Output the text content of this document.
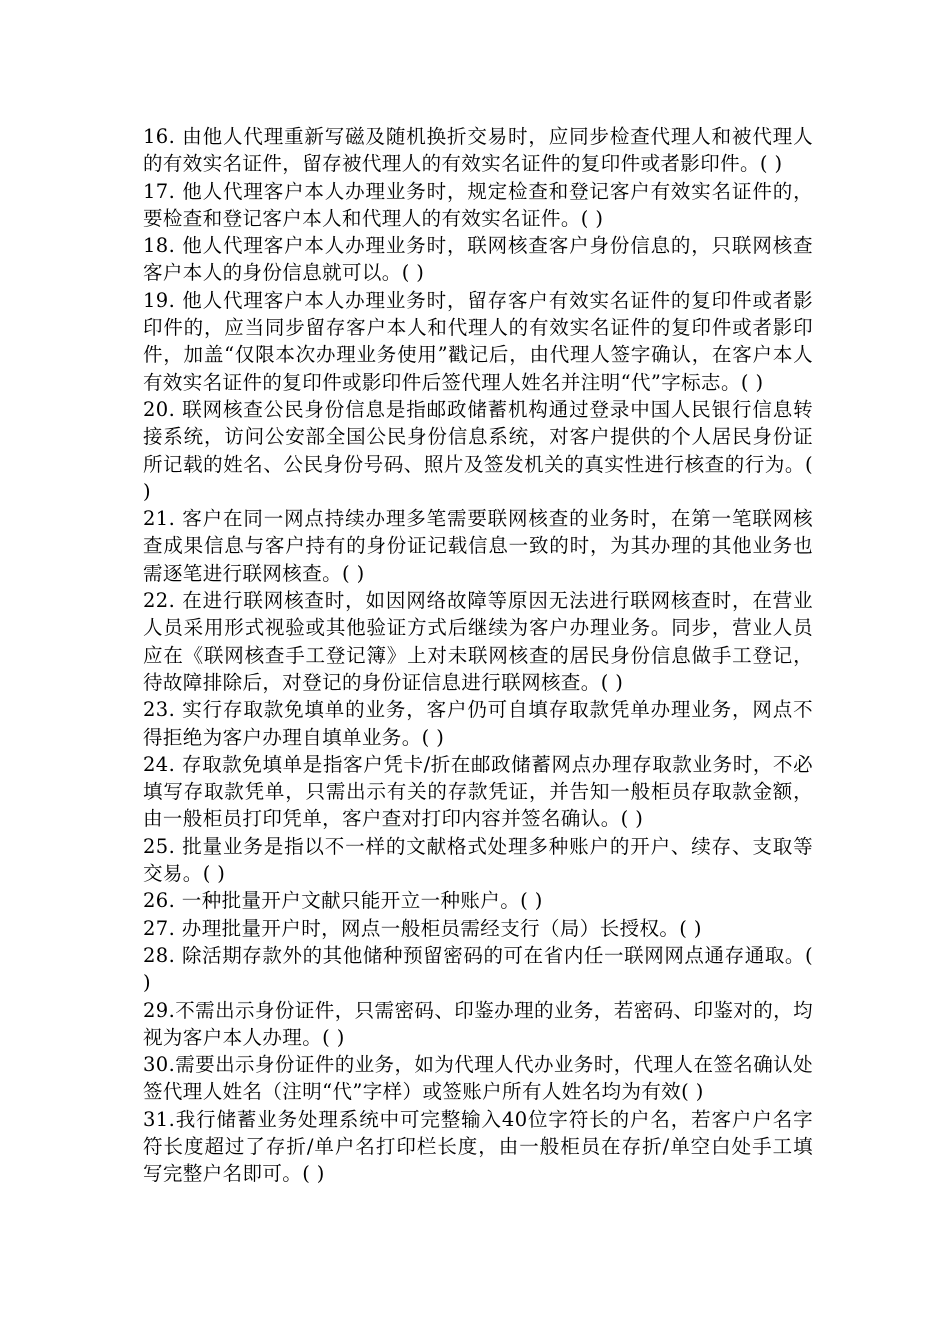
16. 由他人代理重新写磁及随机换折交易时，应同步检查代理人和被代理人的有效实名证件，留存被代理人的有效实名证件的复印件或者影印件。( )

17. 他人代理客户本人办理业务时，规定检查和登记客户有效实名证件的，要检查和登记客户本人和代理人的有效实名证件。( )

18. 他人代理客户本人办理业务时，联网核查客户身份信息的，只联网核查客户本人的身份信息就可以。( )

19. 他人代理客户本人办理业务时，留存客户有效实名证件的复印件或者影印件的，应当同步留存客户本人和代理人的有效实名证件的复印件或者影印件，加盖“仅限本次办理业务使用”戳记后，由代理人签字确认，在客户本人有效实名证件的复印件或影印件后签代理人姓名并注明“代”字标志。( )

20. 联网核查公民身份信息是指邮政储蓄机构通过登录中国人民银行信息转接系统，访问公安部全国公民身份信息系统，对客户提供的个人居民身份证所记载的姓名、公民身份号码、照片及签发机关的真实性进行核查的行为。( )

21. 客户在同一网点持续办理多笔需要联网核查的业务时，在第一笔联网核查成果信息与客户持有的身份证记载信息一致的时，为其办理的其他业务也需逐笔进行联网核查。( )

22. 在进行联网核查时，如因网络故障等原因无法进行联网核查时，在营业人员采用形式视验或其他验证方式后继续为客户办理业务。同步，营业人员应在《联网核查手工登记簿》上对未联网核查的居民身份信息做手工登记，待故障排除后，对登记的身份证信息进行联网核查。( )

23. 实行存取款免填单的业务，客户仍可自填存取款凭单办理业务，网点不得拒绝为客户办理自填单业务。( )

24. 存取款免填单是指客户凭卡/折在邮政储蓄网点办理存取款业务时，不必填写存取款凭单，只需出示有关的存款凭证，并告知一般柜员存取款金额，由一般柜员打印凭单，客户查对打印内容并签名确认。( )

25. 批量业务是指以不一样的文献格式处理多种账户的开户、续存、支取等交易。( )

26. 一种批量开户文献只能开立一种账户。( )

27. 办理批量开户时，网点一般柜员需经支行（局）长授权。( )

28. 除活期存款外的其他储种预留密码的可在省内任一联网网点通存通取。( )

29.不需出示身份证件，只需密码、印鉴办理的业务，若密码、印鉴对的，均视为客户本人办理。( )

30.需要出示身份证件的业务，如为代理人代办业务时，代理人在签名确认处签代理人姓名（注明“代”字样）或签账户所有人姓名均为有效( )

31.我行储蓄业务处理系统中可完整输入40位字符长的户名，若客户户名字符长度超过了存折/单户名打印栏长度，由一般柜员在存折/单空白处手工填写完整户名即可。( )
